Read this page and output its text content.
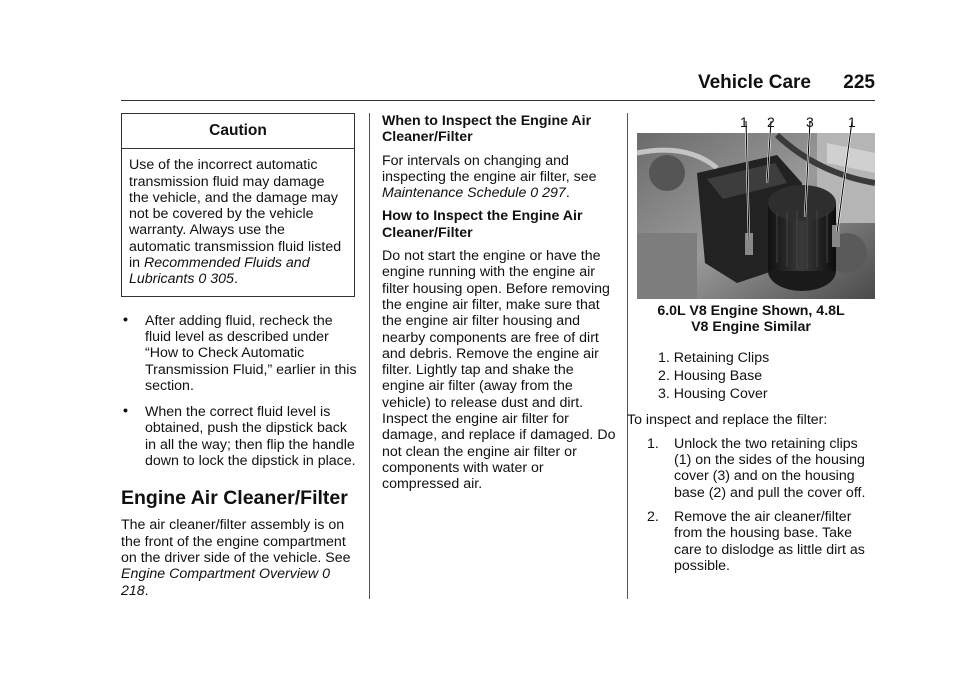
Vehicle Care 225
Caution
Use of the incorrect automatic transmission fluid may damage the vehicle, and the damage may not be covered by the vehicle warranty. Always use the automatic transmission fluid listed in Recommended Fluids and Lubricants 0 305.
• After adding fluid, recheck the fluid level as described under “How to Check Automatic Transmission Fluid,” earlier in this section.
• When the correct fluid level is obtained, push the dipstick back in all the way; then flip the handle down to lock the dipstick in place.
Engine Air Cleaner/Filter

The air cleaner/filter assembly is on the front of the engine compartment on the driver side of the vehicle. See Engine Compartment Overview 0 218.

When to Inspect the Engine Air Cleaner/Filter

For intervals on changing and inspecting the engine air filter, see Maintenance Schedule 0 297.

How to Inspect the Engine Air Cleaner/Filter

Do not start the engine or have the engine running with the engine air filter housing open. Before removing the engine air filter, make sure that the engine air filter housing and nearby components are free of dirt and debris. Remove the engine air filter. Lightly tap and shake the engine air filter (away from the vehicle) to release dust and dirt. Inspect the engine air filter for damage, and replace if damaged. Do not clean the engine air filter or components with water or compressed air.

1 2 3 1
6.0L V8 Engine Shown, 4.8L
V8 Engine Similar
1. Retaining Clips
2. Housing Base
3. Housing Cover

To inspect and replace the filter:

1. Unlock the two retaining clips (1) on the sides of the housing cover (3) and on the housing base (2) and pull the cover off.
2. Remove the air cleaner/filter from the housing base. Take care to dislodge as little dirt as possible.
